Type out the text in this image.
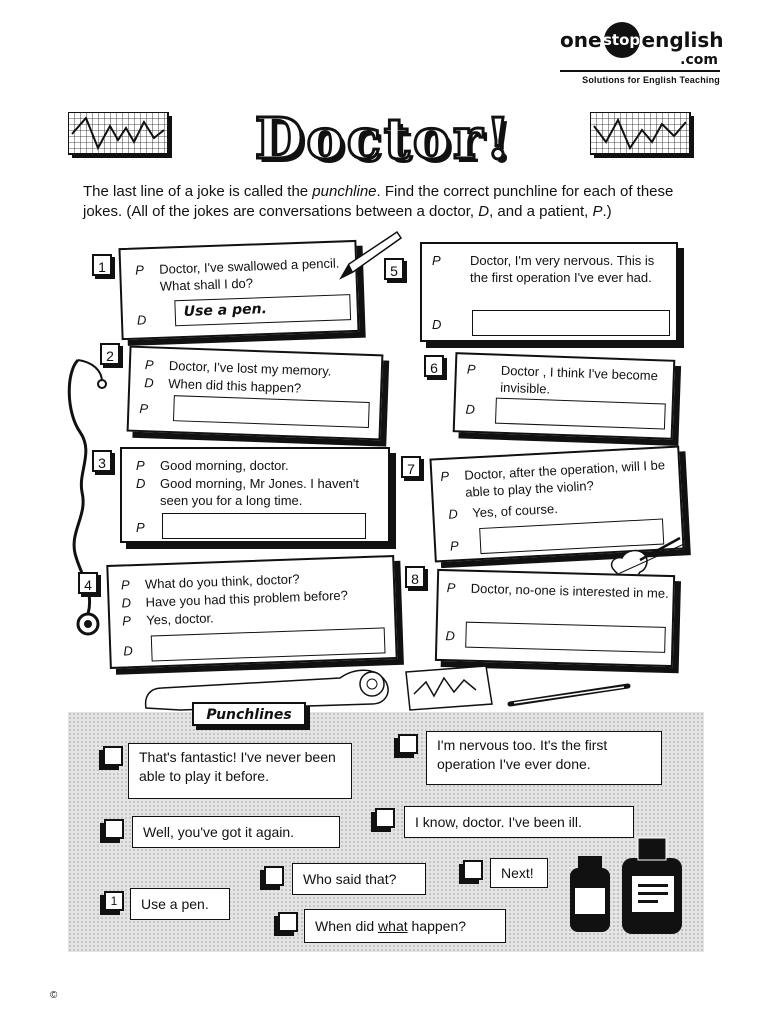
one stop english
.com
Solutions for English Teaching
Doctor!
The last line of a joke is called the punchline. Find the correct punchline for each of these jokes. (All of the jokes are conversations between a doctor, D, and a patient, P.)
1	P	Doctor, I've swallowed a pencil. What shall I do?
D	Use a pen.
2
P	Doctor, I've lost my memory.
D	When did this happen?
P
3	P	Good morning, doctor.
D	Good morning, Mr Jones. I haven't seen you for a long time.
P
4	P	What do you think, doctor?
D	Have you had this problem before?
P	Yes, doctor.
D
5
P	Doctor, I'm very nervous. This is the first operation I've ever had.
D
6	P	Doctor , I think I've become invisible.
D
7	P	Doctor, after the operation, will I be able to play the violin?
D	Yes, of course.
P
8
P	Doctor, no-one is interested in me.
D
Punchlines
That's fantastic! I've never been able to play it before.
I'm nervous too. It's the first operation I've ever done.
Well, you've got it again.
I know, doctor. I've been ill.
Who said that?	Next!
1	Use a pen.
When did what happen?
©
